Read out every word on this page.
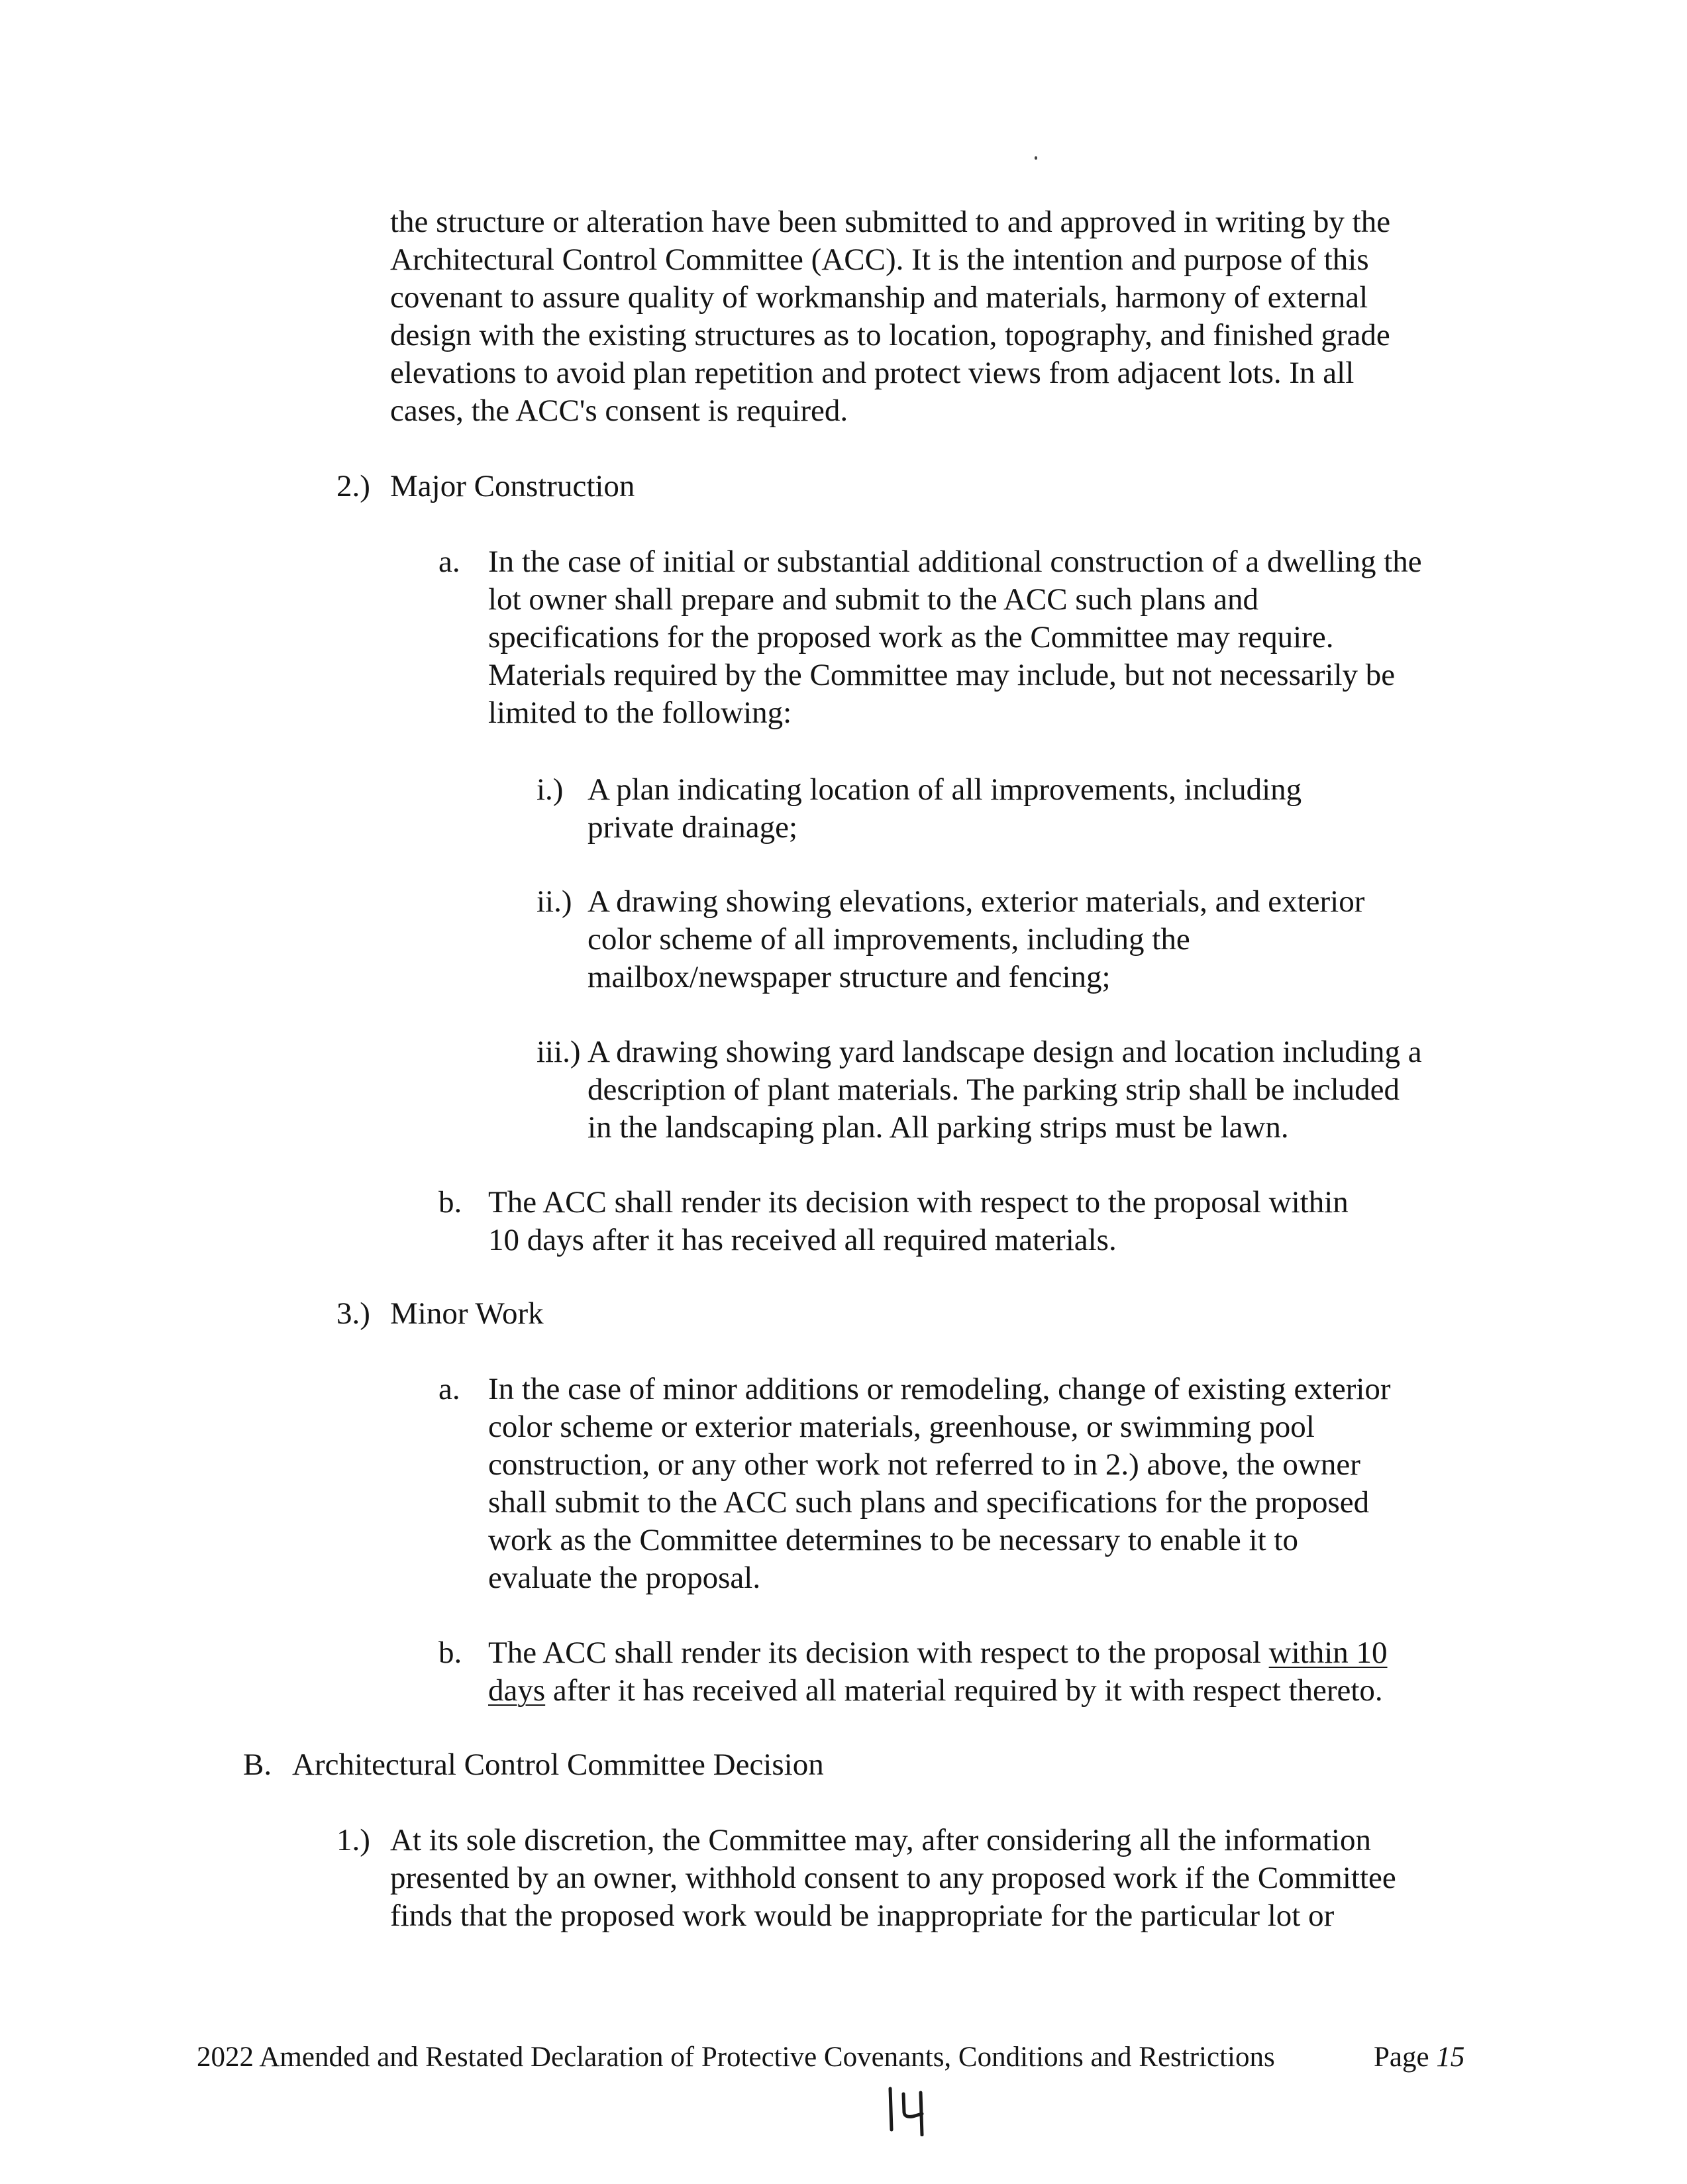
the structure or alteration have been submitted to and approved in writing by the
Architectural Control Committee (ACC). It is the intention and purpose of this
covenant to assure quality of workmanship and materials, harmony of external
design with the existing structures as to location, topography, and finished grade
elevations to avoid plan repetition and protect views from adjacent lots. In all
cases, the ACC's consent is required.
2.) Major Construction
a. In the case of initial or substantial additional construction of a dwelling the
lot owner shall prepare and submit to the ACC such plans and
specifications for the proposed work as the Committee may require.
Materials required by the Committee may include, but not necessarily be
limited to the following:
i.) A plan indicating location of all improvements, including
private drainage;
ii.) A drawing showing elevations, exterior materials, and exterior
color scheme of all improvements, including the
mailbox/newspaper structure and fencing;
iii.) A drawing showing yard landscape design and location including a
description of plant materials. The parking strip shall be included
in the landscaping plan. All parking strips must be lawn.
b. The ACC shall render its decision with respect to the proposal within
10 days after it has received all required materials.
3.) Minor Work
a. In the case of minor additions or remodeling, change of existing exterior
color scheme or exterior materials, greenhouse, or swimming pool
construction, or any other work not referred to in 2.) above, the owner
shall submit to the ACC such plans and specifications for the proposed
work as the Committee determines to be necessary to enable it to
evaluate the proposal.
b. The ACC shall render its decision with respect to the proposal within 10
days after it has received all material required by it with respect thereto.
B. Architectural Control Committee Decision
1.) At its sole discretion, the Committee may, after considering all the information
presented by an owner, withhold consent to any proposed work if the Committee
finds that the proposed work would be inappropriate for the particular lot or
2022 Amended and Restated Declaration of Protective Covenants, Conditions and Restrictions	Page 15
